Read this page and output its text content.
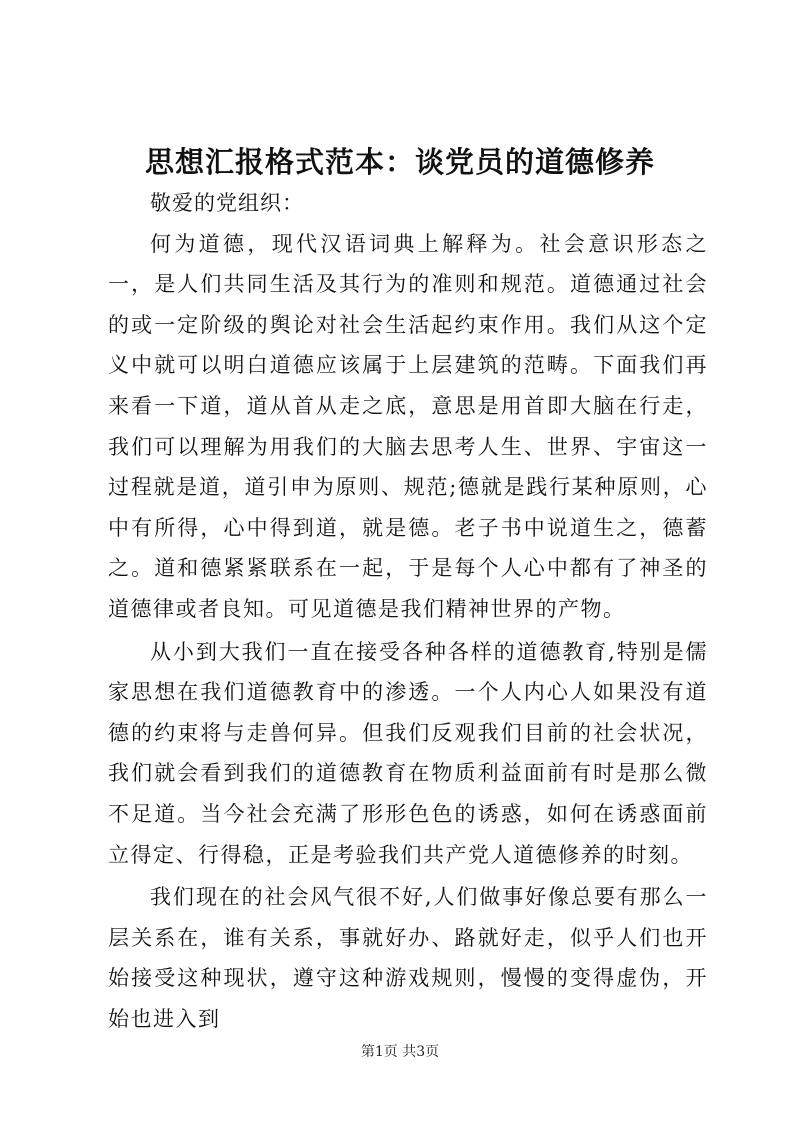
思想汇报格式范本：谈党员的道德修养

敬爱的党组织：

何为道德，现代汉语词典上解释为。社会意识形态之一，是人们共同生活及其行为的准则和规范。道德通过社会的或一定阶级的舆论对社会生活起约束作用。我们从这个定义中就可以明白道德应该属于上层建筑的范畴。下面我们再来看一下道，道从首从走之底，意思是用首即大脑在行走，我们可以理解为用我们的大脑去思考人生、世界、宇宙这一过程就是道，道引申为原则、规范;德就是践行某种原则，心中有所得，心中得到道，就是德。老子书中说道生之，德蓄之。道和德紧紧联系在一起，于是每个人心中都有了神圣的道德律或者良知。可见道德是我们精神世界的产物。

从小到大我们一直在接受各种各样的道德教育,特别是儒家思想在我们道德教育中的渗透。一个人内心人如果没有道德的约束将与走兽何异。但我们反观我们目前的社会状况，我们就会看到我们的道德教育在物质利益面前有时是那么微不足道。当今社会充满了形形色色的诱惑，如何在诱惑面前立得定、行得稳，正是考验我们共产党人道德修养的时刻。

我们现在的社会风气很不好,人们做事好像总要有那么一层关系在，谁有关系，事就好办、路就好走，似乎人们也开始接受这种现状，遵守这种游戏规则，慢慢的变得虚伪，开始也进入到

第1页 共3页
